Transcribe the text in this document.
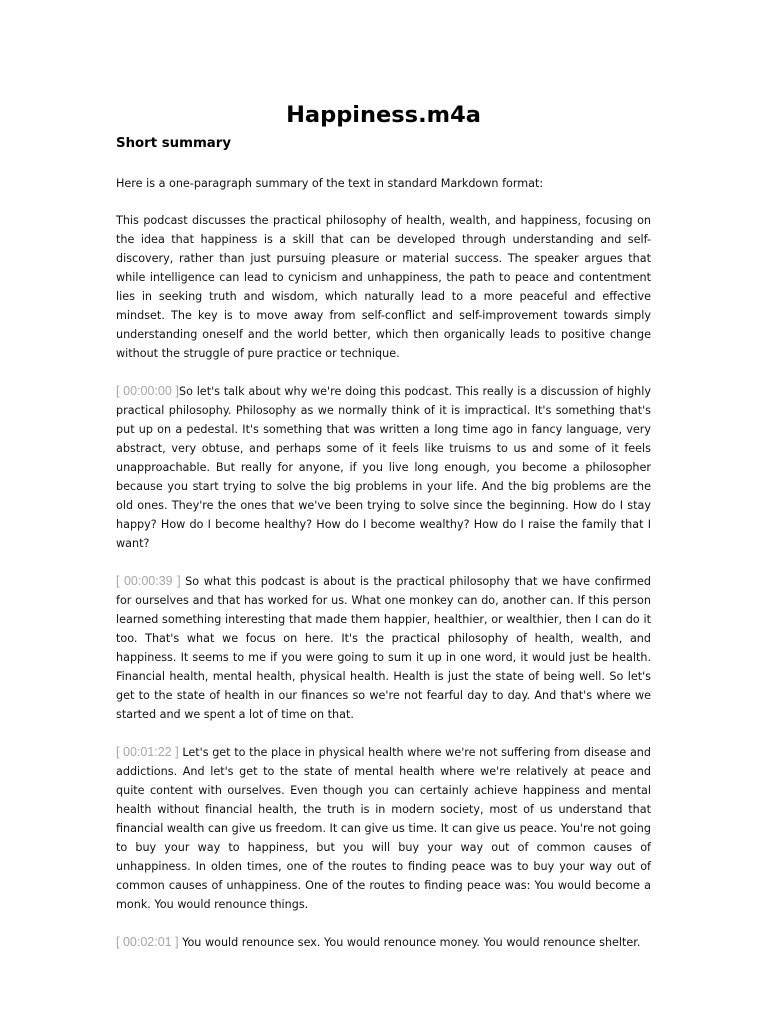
Happiness.m4a
Short summary

Here is a one-paragraph summary of the text in standard Markdown format:

This podcast discusses the practical philosophy of health, wealth, and happiness, focusing on the idea that happiness is a skill that can be developed through understanding and self-discovery, rather than just pursuing pleasure or material success. The speaker argues that while intelligence can lead to cynicism and unhappiness, the path to peace and contentment lies in seeking truth and wisdom, which naturally lead to a more peaceful and effective mindset. The key is to move away from self-conflict and self-improvement towards simply understanding oneself and the world better, which then organically leads to positive change without the struggle of pure practice or technique.

[ 00:00:00 ]So let's talk about why we're doing this podcast. This really is a discussion of highly practical philosophy. Philosophy as we normally think of it is impractical. It's something that's put up on a pedestal. It's something that was written a long time ago in fancy language, very abstract, very obtuse, and perhaps some of it feels like truisms to us and some of it feels unapproachable. But really for anyone, if you live long enough, you become a philosopher because you start trying to solve the big problems in your life. And the big problems are the old ones. They're the ones that we've been trying to solve since the beginning. How do I stay happy? How do I become healthy? How do I become wealthy? How do I raise the family that I want?

[ 00:00:39 ] So what this podcast is about is the practical philosophy that we have confirmed for ourselves and that has worked for us. What one monkey can do, another can. If this person learned something interesting that made them happier, healthier, or wealthier, then I can do it too. That's what we focus on here. It's the practical philosophy of health, wealth, and happiness. It seems to me if you were going to sum it up in one word, it would just be health. Financial health, mental health, physical health. Health is just the state of being well. So let's get to the state of health in our finances so we're not fearful day to day. And that's where we started and we spent a lot of time on that.

[ 00:01:22 ] Let's get to the place in physical health where we're not suffering from disease and addictions. And let's get to the state of mental health where we're relatively at peace and quite content with ourselves. Even though you can certainly achieve happiness and mental health without financial health, the truth is in modern society, most of us understand that financial wealth can give us freedom. It can give us time. It can give us peace. You're not going to buy your way to happiness, but you will buy your way out of common causes of unhappiness. In olden times, one of the routes to finding peace was to buy your way out of common causes of unhappiness. One of the routes to finding peace was: You would become a monk. You would renounce things.

[ 00:02:01 ] You would renounce sex. You would renounce money. You would renounce shelter.
